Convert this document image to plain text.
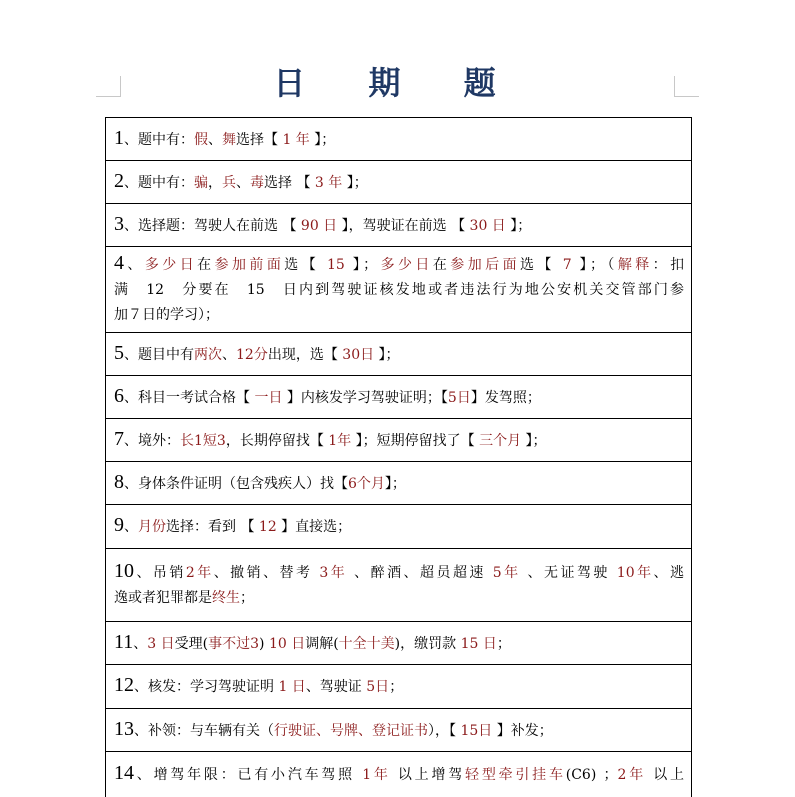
日 期 题
1、题中有：假、舞选择【 1 年 】；
2、题中有：骗，兵、毒选择 【 3 年 】；
3、选择题：驾驶人在前选 【 90 日 】，驾驶证在前选 【 30 日 】；
4、多少日在参加前面选【 15 】；多少日在参加后面选【 7 】；（解释：扣
满　12　分要在　15　日内到驾驶证核发地或者违法行为地公安机关交管部门参
加７日的学习）；
5、题目中有两次、12分出现，选【 30日 】；
6、科目一考试合格【 一日 】内核发学习驾驶证明；【5日】发驾照；
7、境外：长1短3，长期停留找【 1年 】；短期停留找了【 三个月 】；
8、身体条件证明（包含残疾人）找【6个月】；
9、月份选择：看到 【 12 】直接选；
10、吊销2年、撤销、替考 3年 、醉酒、超员超速 5年 、无证驾驶 10年、逃
逸或者犯罪都是终生；
11、3 日受理(事不过3) 10 日调解(十全十美)，缴罚款 15 日；
12、核发：学习驾驶证明 1 日、驾驶证 5日；
13、补领：与车辆有关（行驶证、号牌、登记证书），【 15日 】补发；
14、增驾年限：已有小汽车驾照 1年 以上增驾轻型牵引挂车(C6) ；2年 以上
